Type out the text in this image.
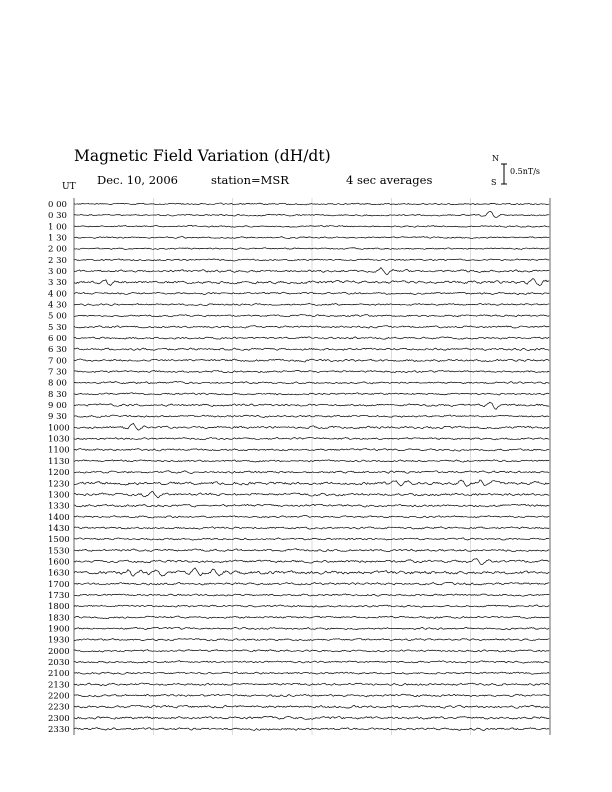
Magnetic Field Variation (dH/dt)
Dec. 10, 2006	station=MSR	4 sec averages
UT
N
S
0.5nT/s
0 00
0 30
1 00
1 30
2 00
2 30
3 00
3 30
4 00
4 30
5 00
5 30
6 00
6 30
7 00
7 30
8 00
8 30
9 00
9 30
1000
1030
1100
1130
1200
1230
1300
1330
1400
1430
1500
1530
1600
1630
1700
1730
1800
1830
1900
1930
2000
2030
2100
2130
2200
2230
2300
2330
